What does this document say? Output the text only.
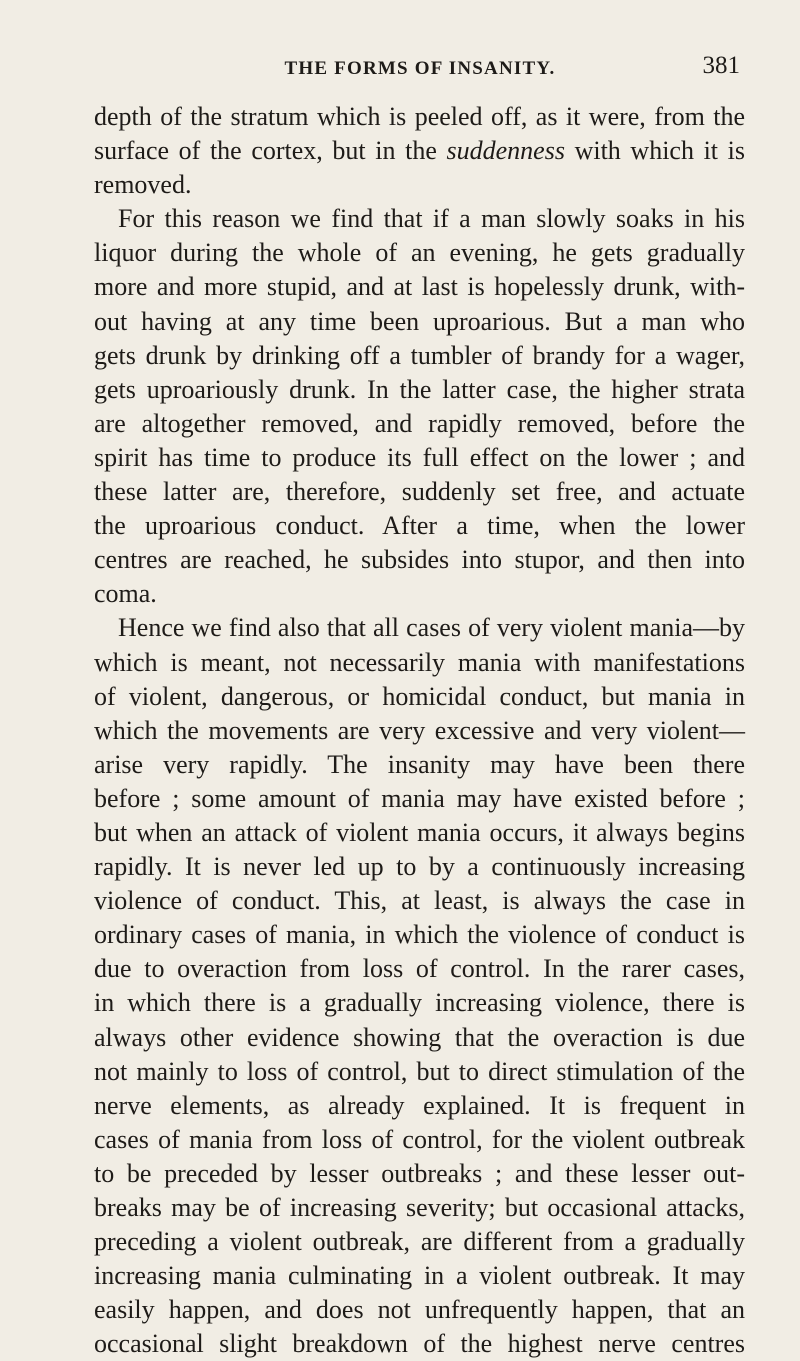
THE FORMS OF INSANITY.	381
depth of the stratum which is peeled off, as it were, from the
surface of the cortex, but in the suddenness with which it is
removed.
For this reason we find that if a man slowly soaks in his
liquor during the whole of an evening, he gets gradually
more and more stupid, and at last is hopelessly drunk, with-
out having at any time been uproarious. But a man who
gets drunk by drinking off a tumbler of brandy for a wager,
gets uproariously drunk. In the latter case, the higher strata
are altogether removed, and rapidly removed, before the
spirit has time to produce its full effect on the lower ; and
these latter are, therefore, suddenly set free, and actuate
the uproarious conduct. After a time, when the lower
centres are reached, he subsides into stupor, and then into
coma.
Hence we find also that all cases of very violent mania—by
which is meant, not necessarily mania with manifestations
of violent, dangerous, or homicidal conduct, but mania in
which the movements are very excessive and very violent—
arise very rapidly. The insanity may have been there
before ; some amount of mania may have existed before ;
but when an attack of violent mania occurs, it always begins
rapidly. It is never led up to by a continuously increasing
violence of conduct. This, at least, is always the case in
ordinary cases of mania, in which the violence of conduct is
due to overaction from loss of control. In the rarer cases,
in which there is a gradually increasing violence, there is
always other evidence showing that the overaction is due
not mainly to loss of control, but to direct stimulation of the
nerve elements, as already explained. It is frequent in
cases of mania from loss of control, for the violent outbreak
to be preceded by lesser outbreaks ; and these lesser out-
breaks may be of increasing severity; but occasional attacks,
preceding a violent outbreak, are different from a gradually
increasing mania culminating in a violent outbreak. It may
easily happen, and does not unfrequently happen, that an
occasional slight breakdown of the highest nerve centres
